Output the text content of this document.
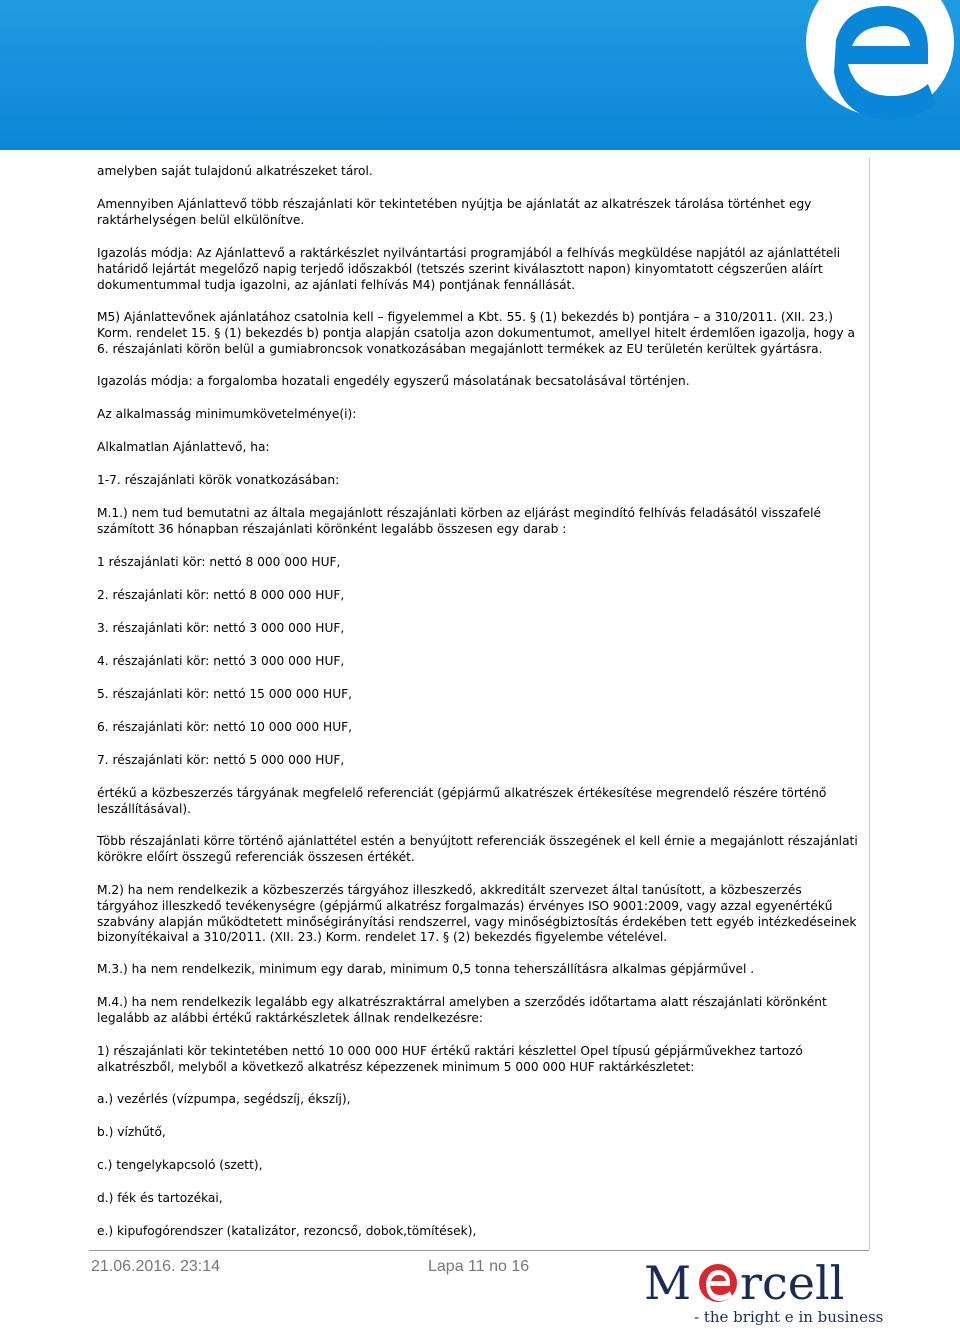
amelyben saját tulajdonú alkatrészeket tárol.

Amennyiben Ajánlattevő több részajánlati kör tekintetében nyújtja be ajánlatát az alkatrészek tárolása történhet egy raktárhelységen belül elkülönítve.

Igazolás módja: Az Ajánlattevő a raktárkészlet nyilvántartási programjából a felhívás megküldése napjától az ajánlattételi határidő lejártát megelőző napig terjedő időszakból (tetszés szerint kiválasztott napon) kinyomtatott cégszerűen aláírt dokumentummal tudja igazolni, az ajánlati felhívás M4) pontjának fennállását.

M5) Ajánlattevőnek ajánlatához csatolnia kell – figyelemmel a Kbt. 55. § (1) bekezdés b) pontjára – a 310/2011. (XII. 23.) Korm. rendelet 15. § (1) bekezdés b) pontja alapján csatolja azon dokumentumot, amellyel hitelt érdemlően igazolja, hogy a 6. részajánlati körön belül a gumiabroncsok vonatkozásában megajánlott termékek az EU területén kerültek gyártásra.

Igazolás módja: a forgalomba hozatali engedély egyszerű másolatának becsatolásával történjen.

Az alkalmasság minimumkövetelménye(i):

Alkalmatlan Ajánlattevő, ha:

1-7. részajánlati körök vonatkozásában:

M.1.) nem tud bemutatni az általa megajánlott részajánlati körben az eljárást megindító felhívás feladásától visszafelé számított 36 hónapban részajánlati körönként legalább összesen egy darab :

1 részajánlati kör: nettó 8 000 000 HUF,

2. részajánlati kör: nettó 8 000 000 HUF,

3. részajánlati kör: nettó 3 000 000 HUF,

4. részajánlati kör: nettó 3 000 000 HUF,

5. részajánlati kör: nettó 15 000 000 HUF,

6. részajánlati kör: nettó 10 000 000 HUF,

7. részajánlati kör: nettó 5 000 000 HUF,

értékű a közbeszerzés tárgyának megfelelő referenciát (gépjármű alkatrészek értékesítése megrendelő részére történő leszállításával).

Több részajánlati körre történő ajánlattétel estén a benyújtott referenciák összegének el kell érnie a megajánlott részajánlati körökre előírt összegű referenciák összesen értékét.

M.2) ha nem rendelkezik a közbeszerzés tárgyához illeszkedő, akkreditált szervezet által tanúsított, a közbeszerzés tárgyához illeszkedő tevékenységre (gépjármű alkatrész forgalmazás) érvényes ISO 9001:2009, vagy azzal egyenértékű szabvány alapján működtetett minőségirányítási rendszerrel, vagy minőségbiztosítás érdekében tett egyéb intézkedéseinek bizonyítékaival a 310/2011. (XII. 23.) Korm. rendelet 17. § (2) bekezdés figyelembe vételével.

M.3.) ha nem rendelkezik, minimum egy darab, minimum 0,5 tonna teherszállításra alkalmas gépjárművel .

M.4.) ha nem rendelkezik legalább egy alkatrészraktárral amelyben a szerződés időtartama alatt részajánlati körönként legalább az alábbi értékű raktárkészletek állnak rendelkezésre:

1) részajánlati kör tekintetében nettó 10 000 000 HUF értékű raktári készlettel Opel típusú gépjárművekhez tartozó alkatrészből, melyből a következő alkatrész képezzenek minimum 5 000 000 HUF raktárkészletet:

a.) vezérlés (vízpumpa, segédszíj, ékszíj),

b.) vízhűtő,

c.) tengelykapcsoló (szett),

d.) fék és tartozékai,

e.) kipufogórendszer (katalizátor, rezoncső, dobok,tömítések),

21.06.2016. 23:14	Lapa 11 no 16 M rcell
- the bright e in business
